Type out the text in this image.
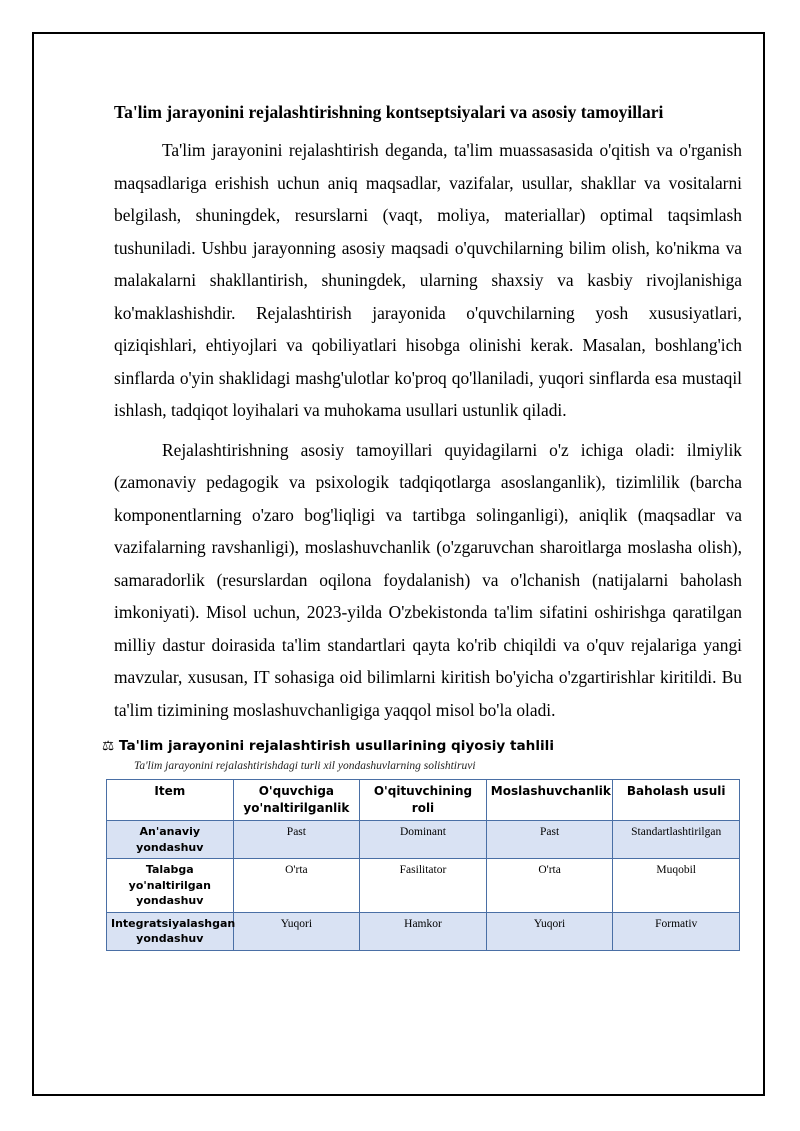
Ta'lim jarayonini rejalashtirishning kontseptsiyalari va asosiy tamoyillari

Ta'lim jarayonini rejalashtirish deganda, ta'lim muassasasida o'qitish va o'rganish maqsadlariga erishish uchun aniq maqsadlar, vazifalar, usullar, shakllar va vositalarni belgilash, shuningdek, resurslarni (vaqt, moliya, materiallar) optimal taqsimlash tushuniladi. Ushbu jarayonning asosiy maqsadi o'quvchilarning bilim olish, ko'nikma va malakalarni shakllantirish, shuningdek, ularning shaxsiy va kasbiy rivojlanishiga ko'maklashishdir. Rejalashtirish jarayonida o'quvchilarning yosh xususiyatlari, qiziqishlari, ehtiyojlari va qobiliyatlari hisobga olinishi kerak. Masalan, boshlang'ich sinflarda o'yin shaklidagi mashg'ulotlar ko'proq qo'llaniladi, yuqori sinflarda esa mustaqil ishlash, tadqiqot loyihalari va muhokama usullari ustunlik qiladi.

Rejalashtirishning asosiy tamoyillari quyidagilarni o'z ichiga oladi: ilmiylik (zamonaviy pedagogik va psixologik tadqiqotlarga asoslanganlik), tizimlilik (barcha komponentlarning o'zaro bog'liqligi va tartibga solinganligi), aniqlik (maqsadlar va vazifalarning ravshanligi), moslashuvchanlik (o'zgaruvchan sharoitlarga moslasha olish), samaradorlik (resurslardan oqilona foydalanish) va o'lchanish (natijalarni baholash imkoniyati). Misol uchun, 2023-yilda O'zbekistonda ta'lim sifatini oshirishga qaratilgan milliy dastur doirasida ta'lim standartlari qayta ko'rib chiqildi va o'quv rejalariga yangi mavzular, xususan, IT sohasiga oid bilimlarni kiritish bo'yicha o'zgartirishlar kiritildi. Bu ta'lim tizimining moslashuvchanligiga yaqqol misol bo'la oladi.

⚖ Ta'lim jarayonini rejalashtirish usullarining qiyosiy tahlili
Ta'lim jarayonini rejalashtirishdagi turli xil yondashuvlarning solishtiruvi
Item	O'quvchiga yo'naltirilganlik	O'qituvchining roli	Moslashuvchanlik	Baholash usuli
An'anaviy yondashuv	Past	Dominant	Past	Standartlashtirilgan
Talabga yo'naltirilgan yondashuv	O'rta	Fasilitator	O'rta	Muqobil
Integratsiyalashgan yondashuv	Yuqori	Hamkor	Yuqori	Formativ
